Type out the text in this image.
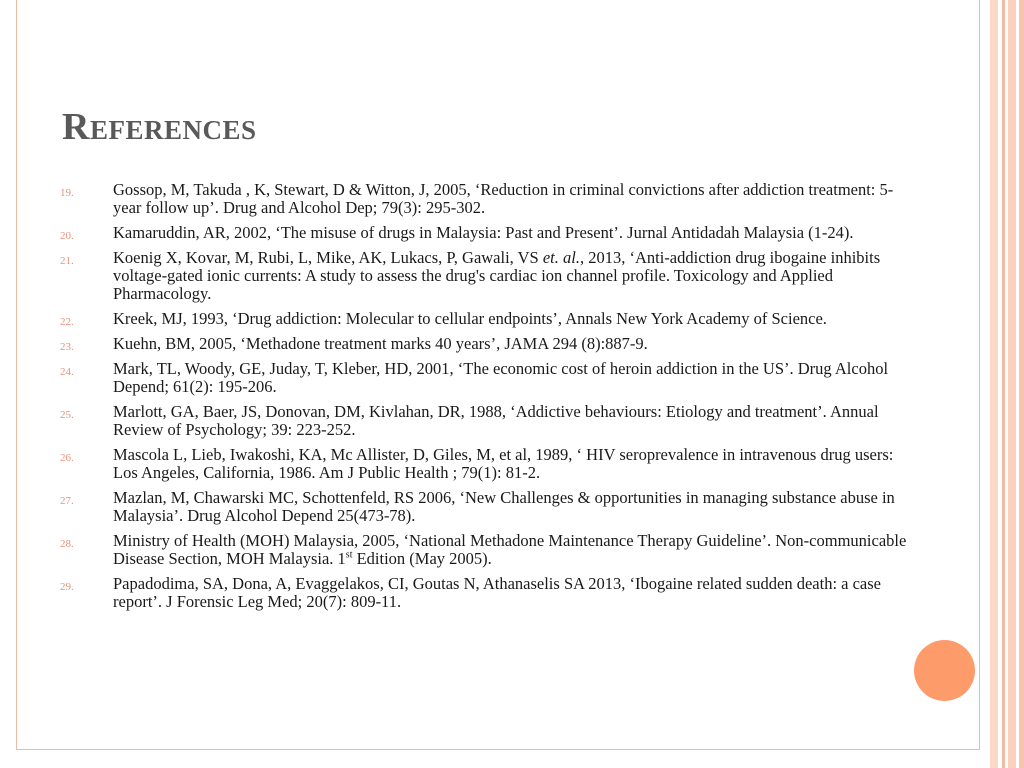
References
19.	Gossop, M, Takuda , K, Stewart, D & Witton, J, 2005, ‘Reduction in criminal convictions after addiction treatment: 5- year follow up’. Drug and Alcohol Dep; 79(3): 295-302.
20.	Kamaruddin, AR, 2002, ‘The misuse of drugs in Malaysia: Past and Present’. Jurnal Antidadah Malaysia (1-24).
21.	Koenig X, Kovar, M, Rubi, L, Mike, AK, Lukacs, P, Gawali, VS et. al., 2013, ‘Anti-addiction drug ibogaine inhibits voltage-gated ionic currents: A study to assess the drug's cardiac ion channel profile. Toxicology and Applied Pharmacology.
22.	Kreek, MJ, 1993, ‘Drug addiction: Molecular to cellular endpoints’, Annals New York Academy of Science.
23.	Kuehn, BM, 2005, ‘Methadone treatment marks 40 years’, JAMA 294 (8):887-9.
24.	Mark, TL, Woody, GE, Juday, T, Kleber, HD, 2001, ‘The economic cost of heroin addiction in the US’. Drug Alcohol Depend; 61(2): 195-206.
25.	Marlott, GA, Baer, JS, Donovan, DM, Kivlahan, DR, 1988, ‘Addictive behaviours: Etiology and treatment’. Annual Review of Psychology; 39: 223-252.
26.	Mascola L, Lieb, Iwakoshi, KA, Mc Allister, D, Giles, M, et al, 1989, ‘ HIV seroprevalence in intravenous drug users: Los Angeles, California, 1986. Am J Public Health ; 79(1): 81-2.
27.	Mazlan, M, Chawarski MC, Schottenfeld, RS 2006, ‘New Challenges & opportunities in managing substance abuse in Malaysia’. Drug Alcohol Depend 25(473-78).
28.	Ministry of Health (MOH) Malaysia, 2005, ‘National Methadone Maintenance Therapy Guideline’. Non-communicable Disease Section, MOH Malaysia. 1st Edition (May 2005).
29.	Papadodima, SA, Dona, A, Evaggelakos, CI, Goutas N, Athanaselis SA 2013, ‘Ibogaine related sudden death: a case report’. J Forensic Leg Med; 20(7): 809-11.
